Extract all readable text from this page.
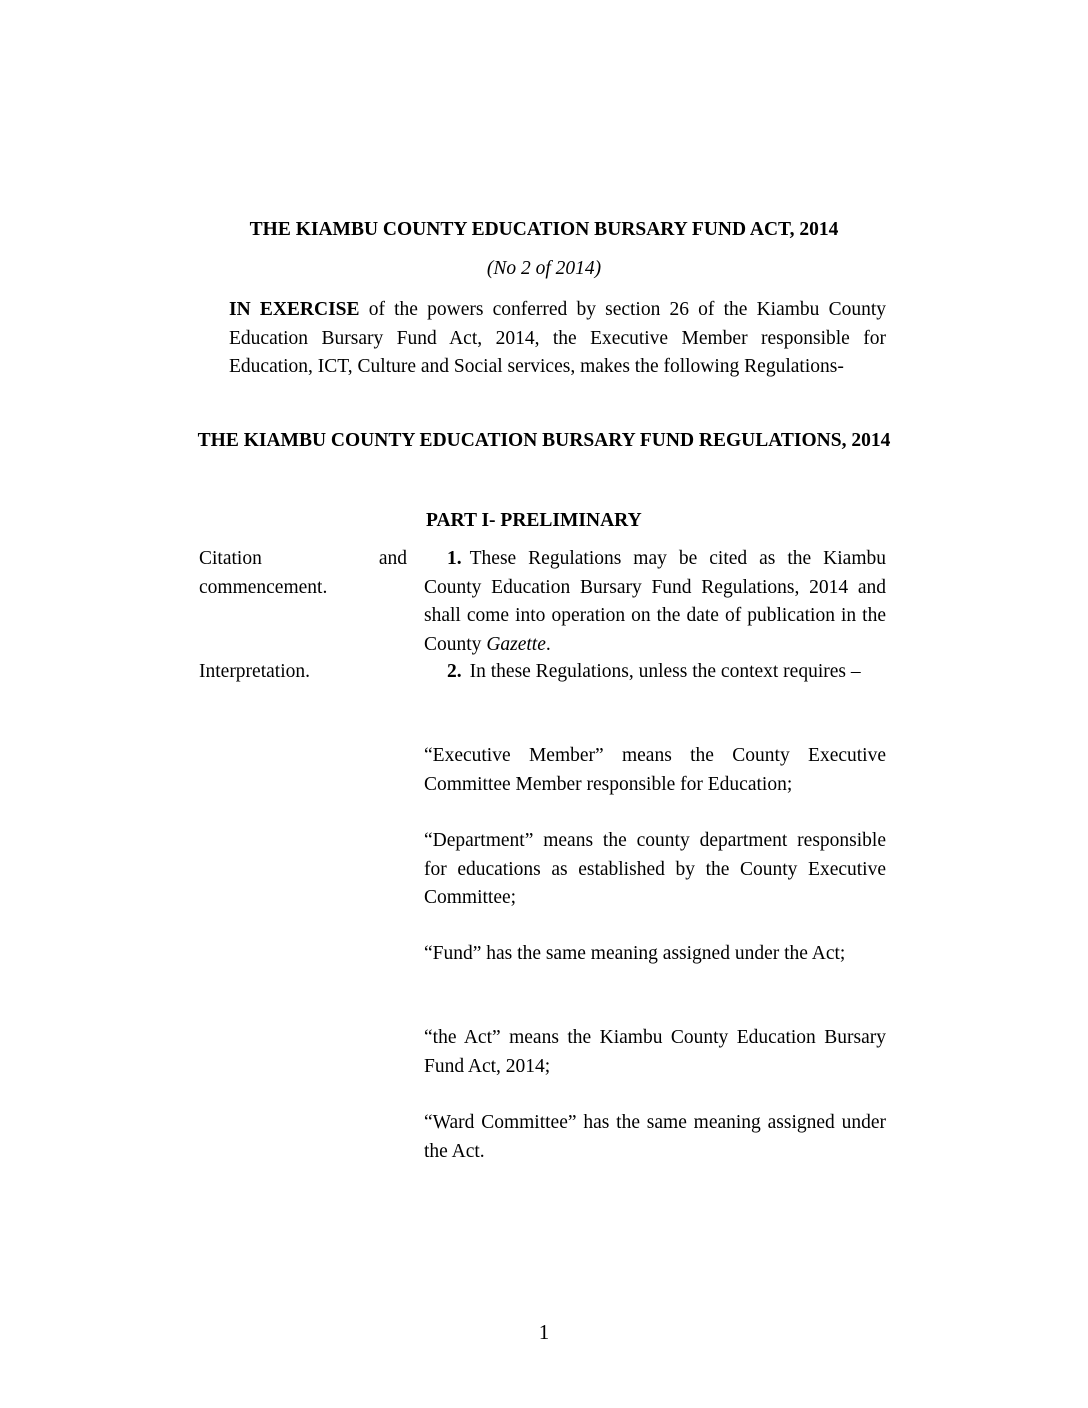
THE KIAMBU COUNTY EDUCATION BURSARY FUND ACT, 2014
(No 2 of 2014)
IN EXERCISE of the powers conferred by section 26 of the Kiambu County Education Bursary Fund Act, 2014, the Executive Member responsible for Education, ICT, Culture and Social services, makes the following Regulations-
THE KIAMBU COUNTY EDUCATION BURSARY FUND REGULATIONS, 2014
PART I- PRELIMINARY
Citation	and
commencement.
1. These Regulations may be cited as the Kiambu County Education Bursary Fund Regulations, 2014 and shall come into operation on the date of publication in the County Gazette.
Interpretation.	2. In these Regulations, unless the context requires –
“Executive Member” means the County Executive Committee Member responsible for Education;
“Department” means the county department responsible for educations as established by the County Executive Committee;
“Fund” has the same meaning assigned under the Act;
“the Act” means the Kiambu County Education Bursary Fund Act, 2014;
“Ward Committee” has the same meaning assigned under the Act.
1
